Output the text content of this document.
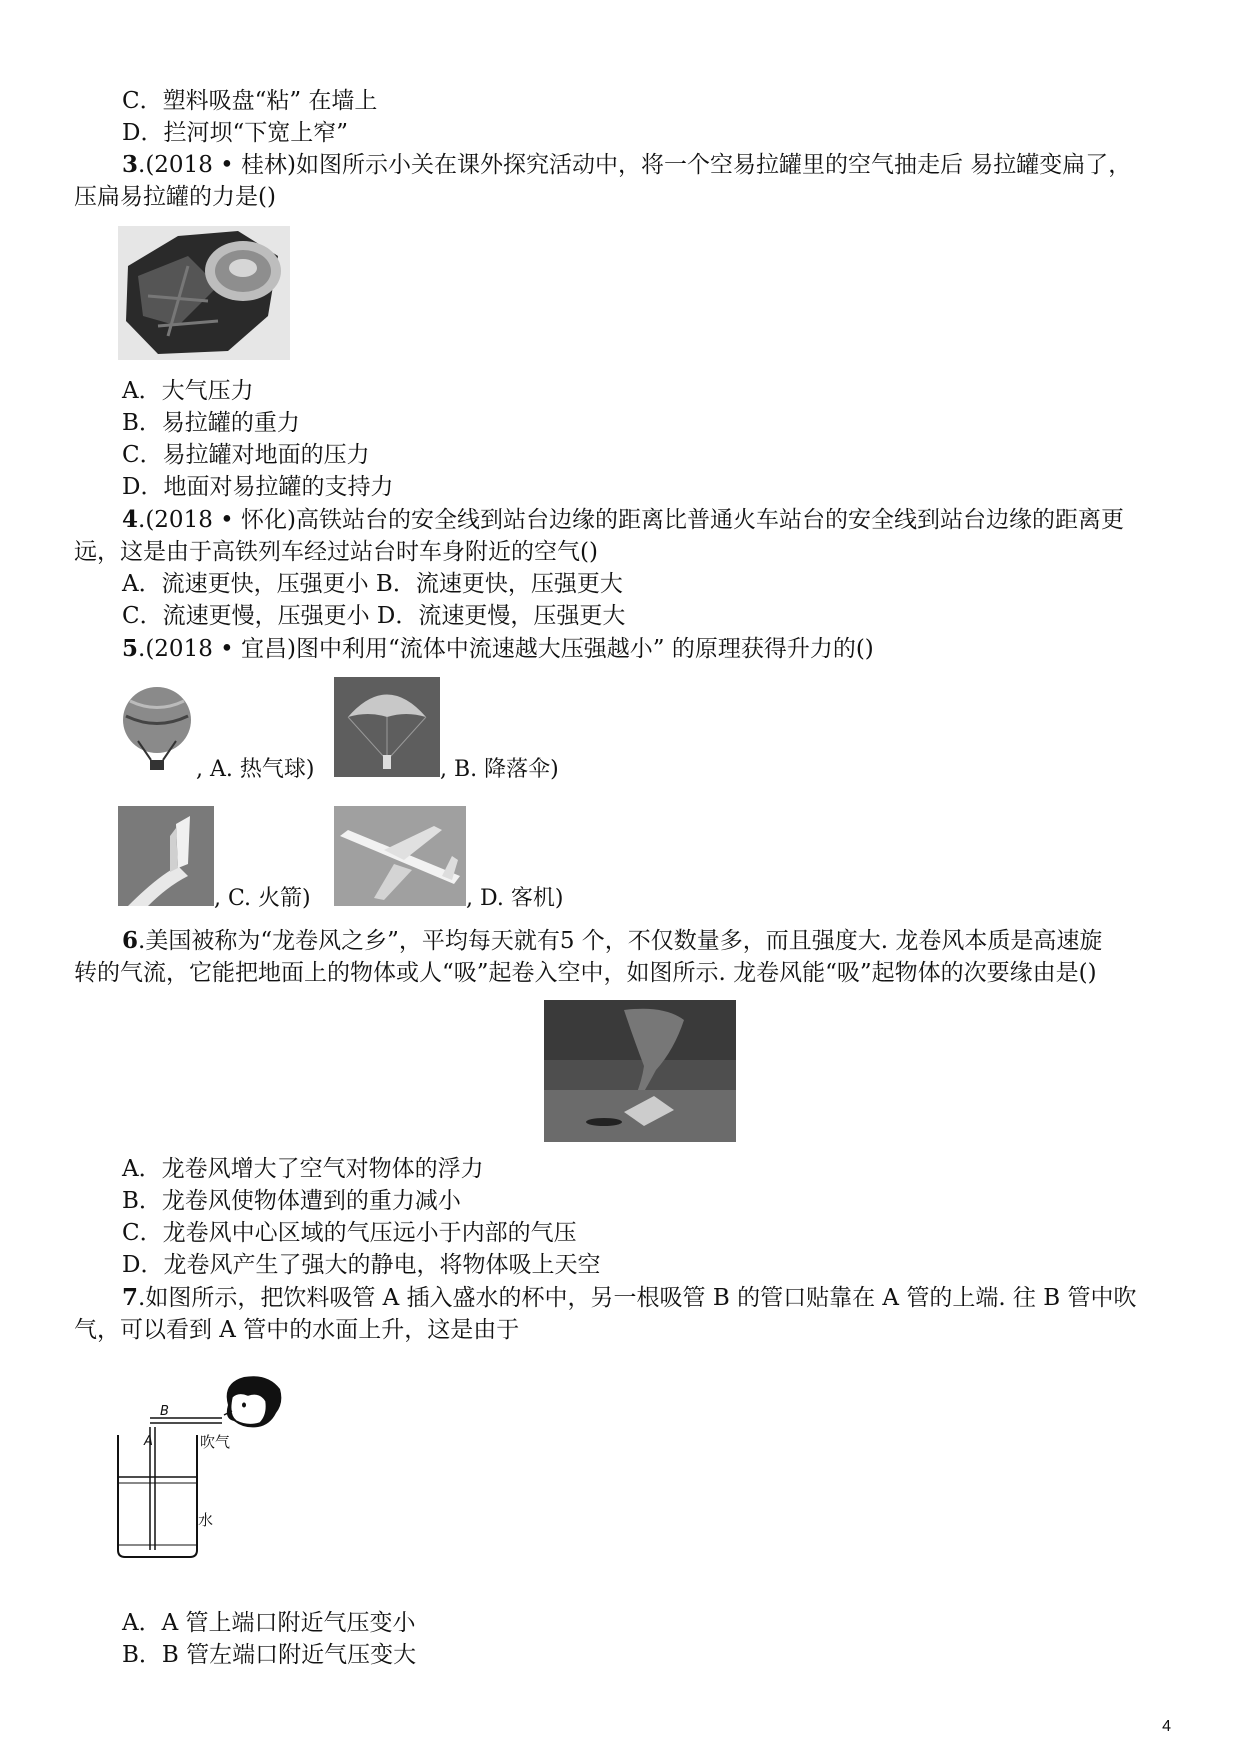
C．塑料吸盘“粘” 在墙上
D．拦河坝“下宽上窄”
3.(2018 • 桂林)如图所示小关在课外探究活动中，将一个空易拉罐里的空气抽走后 易拉罐变扁了，
压扁易拉罐的力是()
A．大气压力
B．易拉罐的重力
C．易拉罐对地面的压力
D．地面对易拉罐的支持力
4.(2018 • 怀化)高铁站台的安全线到站台边缘的距离比普通火车站台的安全线到站台边缘的距离更
远，这是由于高铁列车经过站台时车身附近的空气()
A．流速更快，压强更小 B．流速更快，压强更大
C．流速更慢，压强更小 D．流速更慢，压强更大
5.(2018 • 宜昌)图中利用“流体中流速越大压强越小” 的原理获得升力的()
, A. 热气球)	, B. 降落伞)
, C. 火箭)	, D. 客机)
6.美国被称为“龙卷风之乡”，平均每天就有5 个，不仅数量多，而且强度大. 龙卷风本质是高速旋
转的气流，它能把地面上的物体或人“吸”起卷入空中，如图所示. 龙卷风能“吸”起物体的次要缘由是()
A．龙卷风增大了空气对物体的浮力
B．龙卷风使物体遭到的重力减小
C．龙卷风中心区域的气压远小于内部的气压
D．龙卷风产生了强大的静电，将物体吸上天空
7.如图所示，把饮料吸管 A 插入盛水的杯中，另一根吸管 B 的管口贴靠在 A 管的上端. 往 B 管中吹
气，可以看到 A 管中的水面上升，这是由于
B
A	吹气
水
A．A 管上端口附近气压变小
B．B 管左端口附近气压变大
4
